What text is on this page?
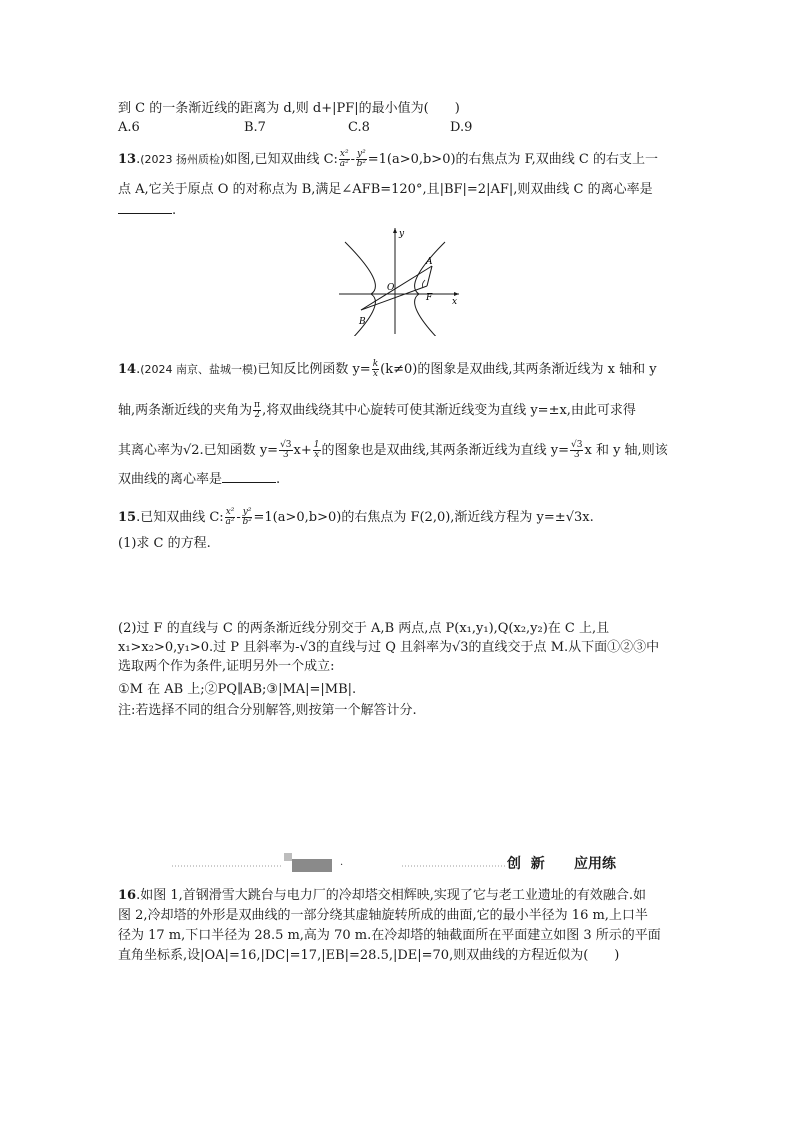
到 C 的一条渐近线的距离为 d,则 d+|PF|的最小值为( )
A.6	B.7	C.8	D.9
13.(2023 扬州质检)如图,已知双曲线 C: $\frac{\text{x²}}{\text{a²}} - \frac{\text{y²}}{\text{b²}} =1(a>0,b>0)$的右焦点为 F,双曲线 C 的右支上一
点 A,它关于原点 O 的对称点为 B,满足∠AFB=120°,且|BF|=2|AF|,则双曲线 C 的离心率是
.
y
x
A
O
F
B
14.(2024 南京、盐城一模)已知反比例函数 $y= \frac{k}{x} (k\ne 0)$的图象是双曲线,其两条渐近线为 x 轴和 y
轴,两条渐近线的夹角为 $\frac{\pi}{2}$ ,将双曲线绕其中心旋转可使其渐近线变为直线 y=±x,由此可求得
其离心率为√2.已知函数 $y= \frac{√3}{3} x+ \frac{1}{x}$ 的图象也是双曲线,其两条渐近线为直线 $y= \frac{√3}{3}$ x 和 y 轴,则该
双曲线的离心率是	.
15.已知双曲线 C: $\frac{\text{x²}}{\text{a²}} - \frac{\text{y²}}{\text{b²}} =1(a>0,b>0)$的右焦点为 F(2,0),渐近线方程为 y=±√3x.
(1)求 C 的方程.
(2)过 F 的直线与 C 的两条渐近线分别交于 A,B 两点,点 P(x₁,y₁),Q(x₂,y₂)在 C 上,且
x₁>x₂>0,y₁>0.过 P 且斜率为-√3的直线与过 Q 且斜率为√3的直线交于点 M.从下面①②③中
选取两个作为条件,证明另外一个成立:
①M 在 AB 上;②PQ∥AB;③|MA|=|MB|.
注:若选择不同的组合分别解答,则按第一个解答计分.
·	创  新      应用练
16.如图 1,首钢滑雪大跳台与电力厂的冷却塔交相辉映,实现了它与老工业遗址的有效融合.如
图 2,冷却塔的外形是双曲线的一部分绕其虚轴旋转所成的曲面,它的最小半径为 16 m,上口半
径为 17 m,下口半径为 28.5 m,高为 70 m.在冷却塔的轴截面所在平面建立如图 3 所示的平面
直角坐标系,设|OA|=16,|DC|=17,|EB|=28.5,|DE|=70,则双曲线的方程近似为( )
